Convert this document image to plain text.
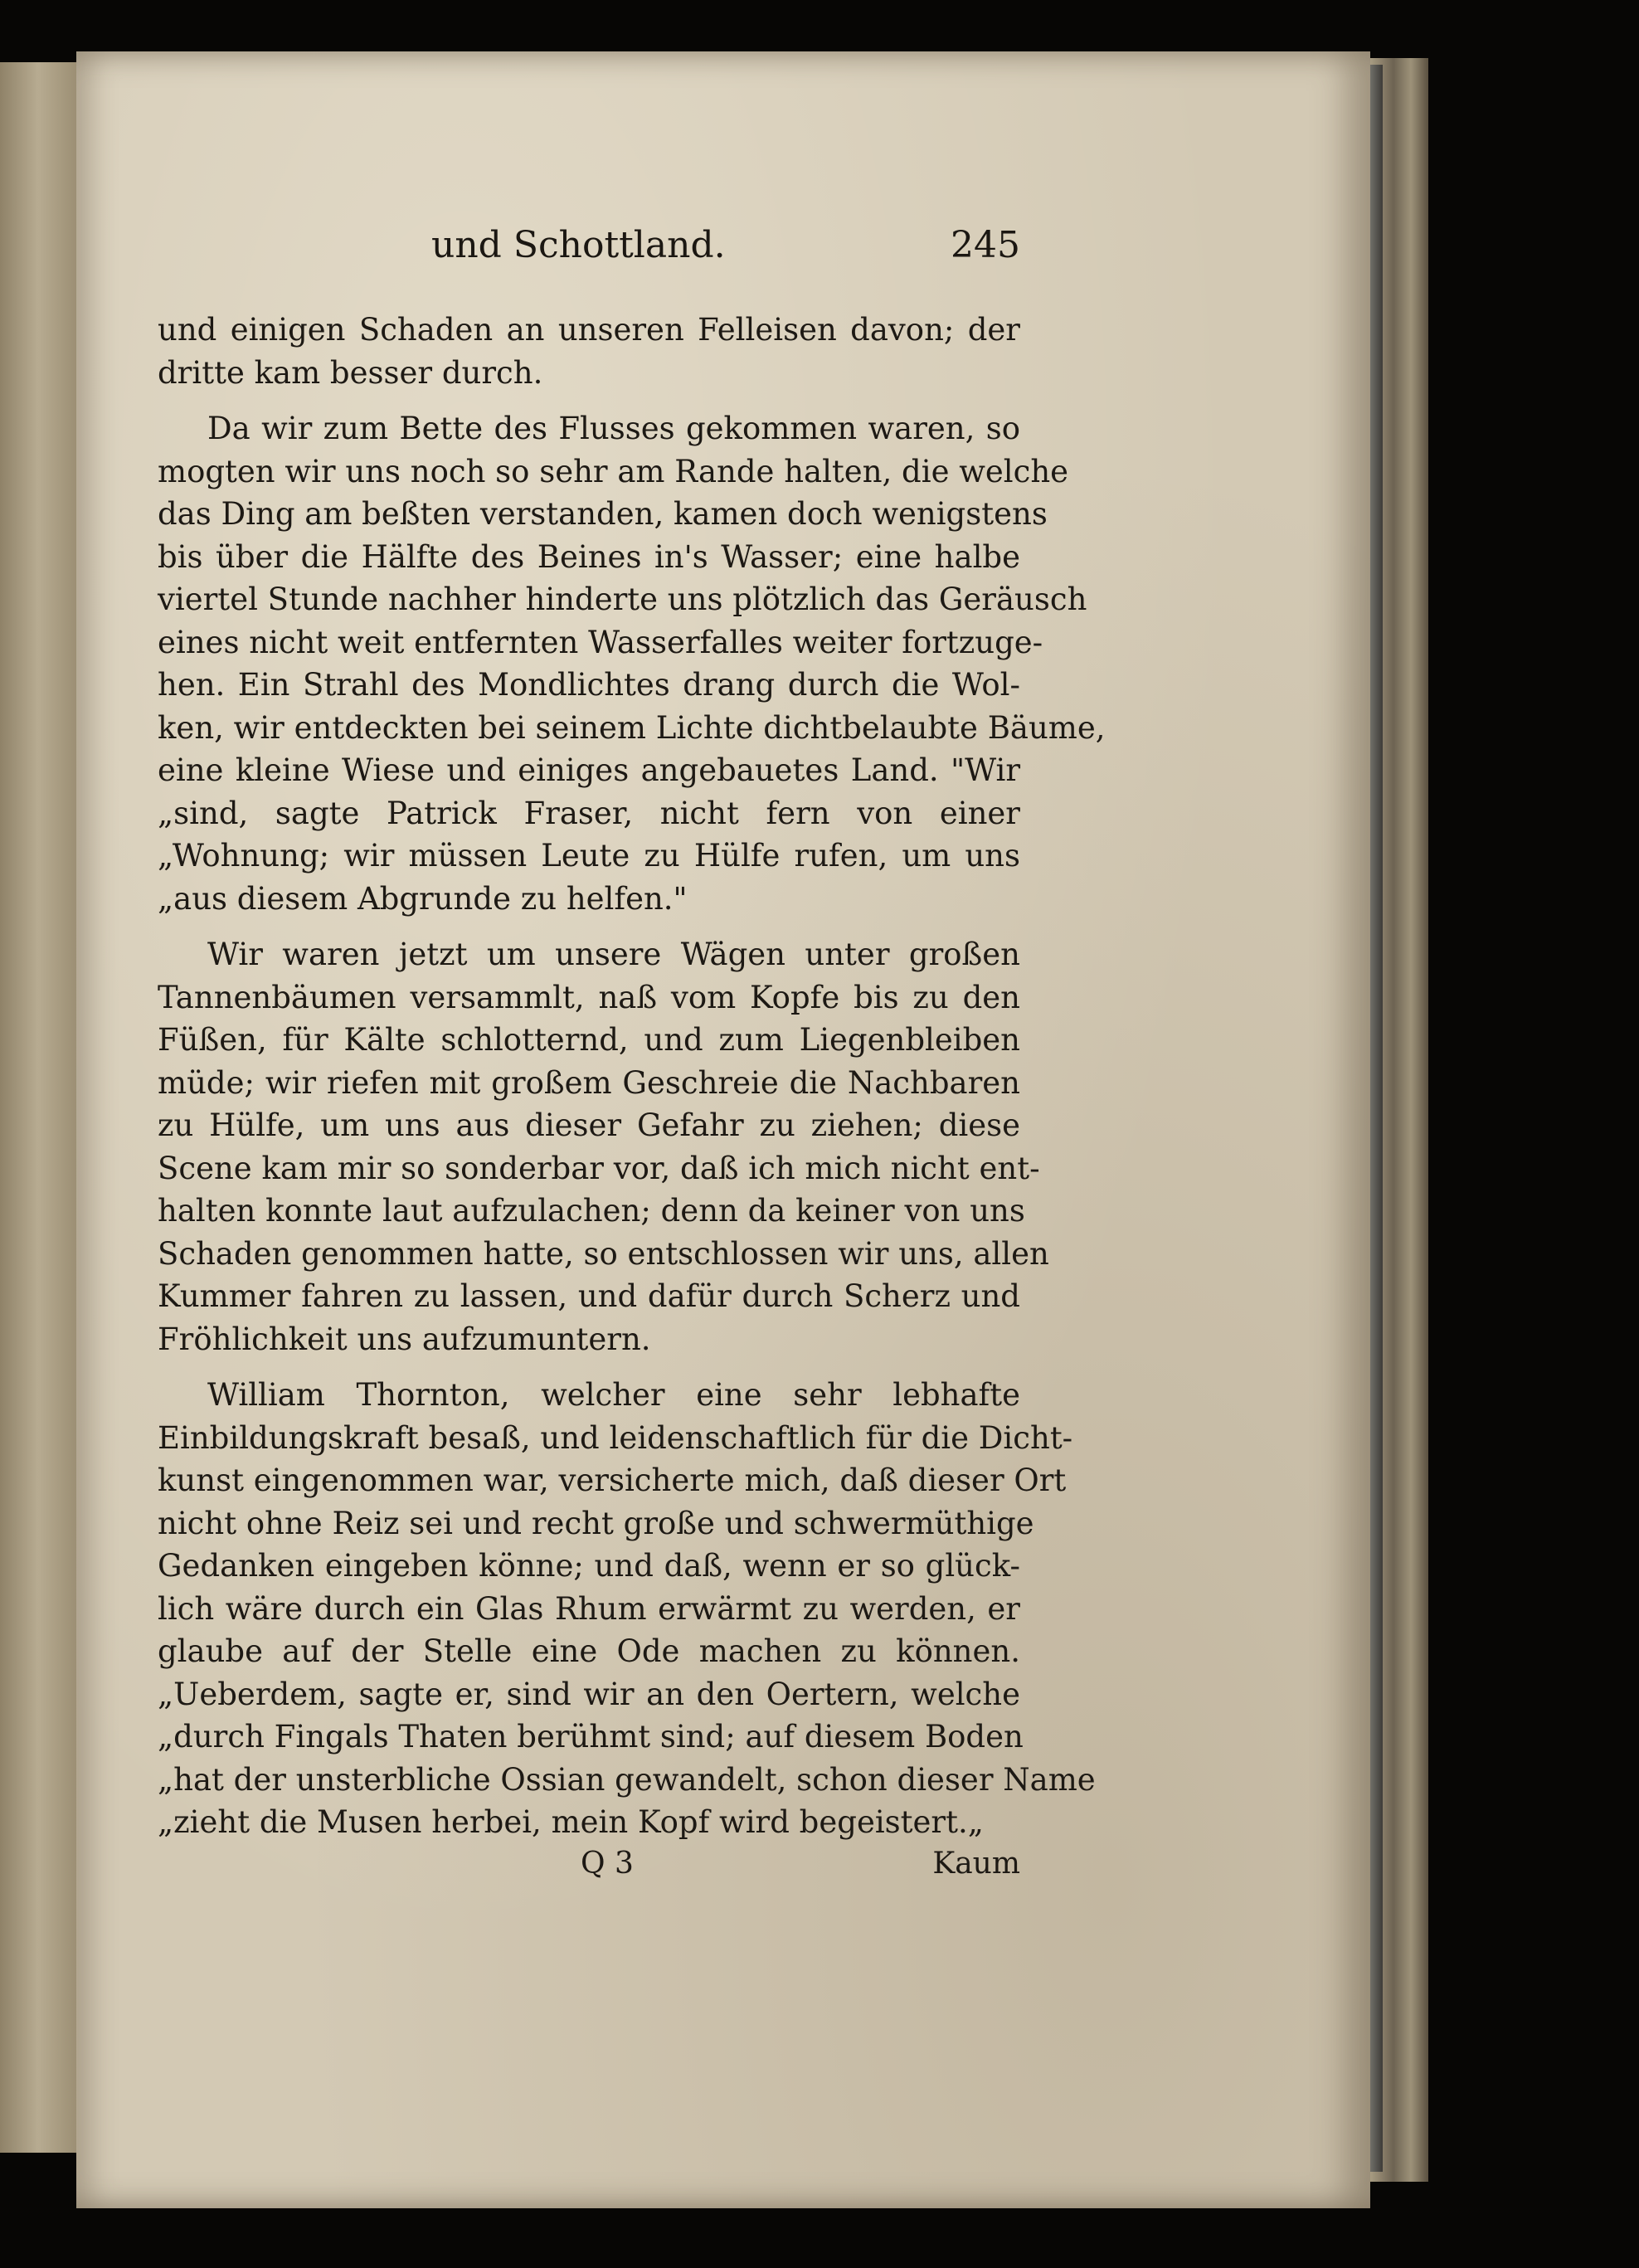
und Schottland.	245
und einigen Schaden an unseren Felleisen davon; der
dritte kam besser durch.
Da wir zum Bette des Flusses gekommen waren, so
mogten wir uns noch so sehr am Rande halten, die welche
das Ding am beßten verstanden, kamen doch wenigstens
bis über die Hälfte des Beines in's Wasser; eine halbe
viertel Stunde nachher hinderte uns plötzlich das Geräusch
eines nicht weit entfernten Wasserfalles weiter fortzuge-
hen. Ein Strahl des Mondlichtes drang durch die Wol-
ken, wir entdeckten bei seinem Lichte dichtbelaubte Bäume,
eine kleine Wiese und einiges angebauetes Land. "Wir
„sind, sagte Patrick Fraser, nicht fern von einer
„Wohnung; wir müssen Leute zu Hülfe rufen, um uns
„aus diesem Abgrunde zu helfen."
Wir waren jetzt um unsere Wägen unter großen
Tannenbäumen versammlt, naß vom Kopfe bis zu den
Füßen, für Kälte schlotternd, und zum Liegenbleiben
müde; wir riefen mit großem Geschreie die Nachbaren
zu Hülfe, um uns aus dieser Gefahr zu ziehen; diese
Scene kam mir so sonderbar vor, daß ich mich nicht ent-
halten konnte laut aufzulachen; denn da keiner von uns
Schaden genommen hatte, so entschlossen wir uns, allen
Kummer fahren zu lassen, und dafür durch Scherz und
Fröhlichkeit uns aufzumuntern.
William Thornton, welcher eine sehr lebhafte
Einbildungskraft besaß, und leidenschaftlich für die Dicht-
kunst eingenommen war, versicherte mich, daß dieser Ort
nicht ohne Reiz sei und recht große und schwermüthige
Gedanken eingeben könne; und daß, wenn er so glück-
lich wäre durch ein Glas Rhum erwärmt zu werden, er
glaube auf der Stelle eine Ode machen zu können.
„Ueberdem, sagte er, sind wir an den Oertern, welche
„durch Fingals Thaten berühmt sind; auf diesem Boden
„hat der unsterbliche Ossian gewandelt, schon dieser Name
„zieht die Musen herbei, mein Kopf wird begeistert.„
Q 3	Kaum
